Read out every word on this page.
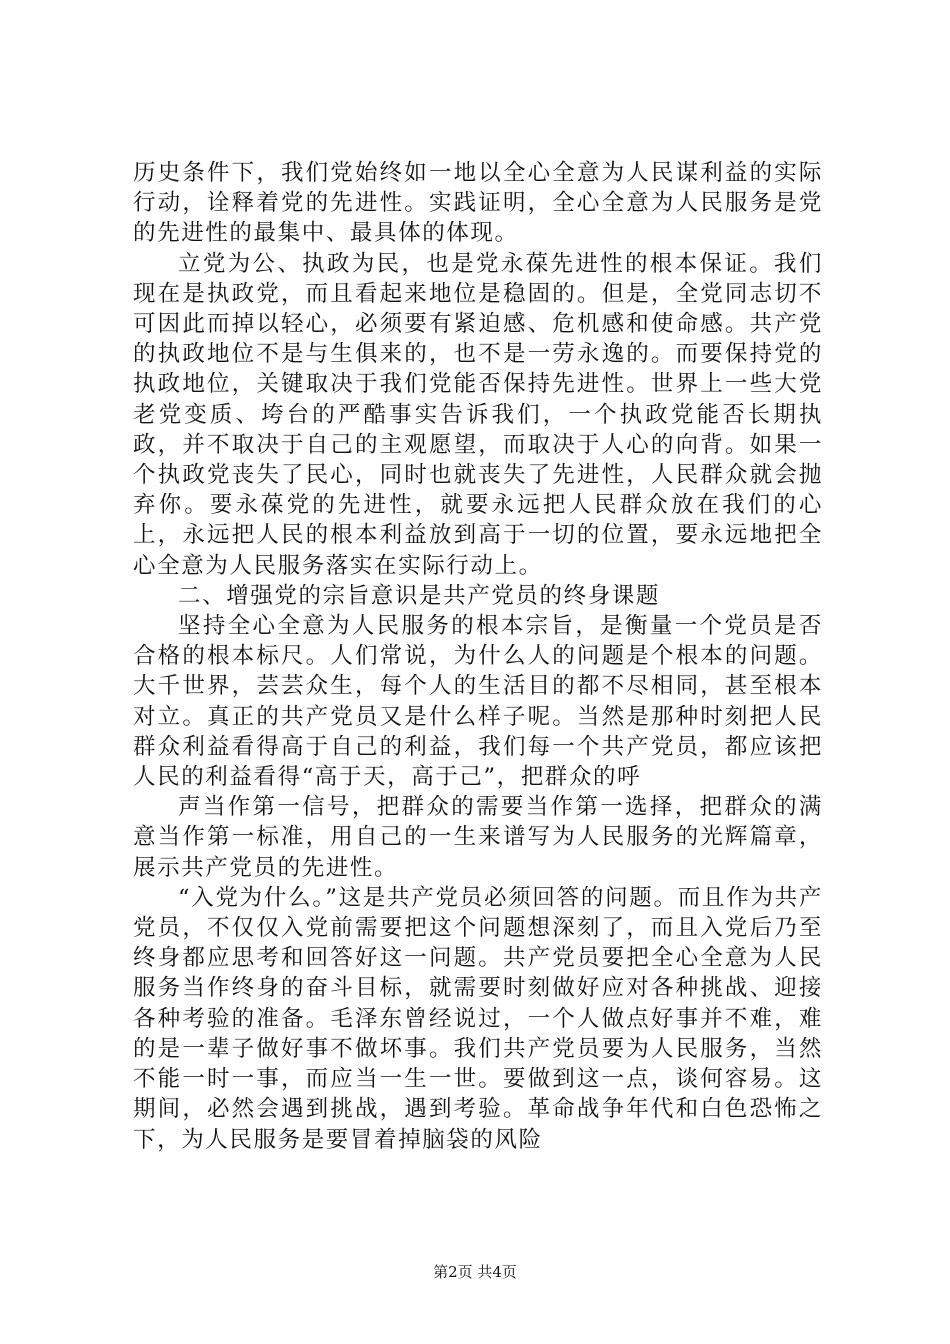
历史条件下，我们党始终如一地以全心全意为人民谋利益的实际行动，诠释着党的先进性。实践证明，全心全意为人民服务是党的先进性的最集中、最具体的体现。

立党为公、执政为民，也是党永葆先进性的根本保证。我们现在是执政党，而且看起来地位是稳固的。但是，全党同志切不可因此而掉以轻心，必须要有紧迫感、危机感和使命感。共产党的执政地位不是与生俱来的，也不是一劳永逸的。而要保持党的执政地位，关键取决于我们党能否保持先进性。世界上一些大党老党变质、垮台的严酷事实告诉我们，一个执政党能否长期执政，并不取决于自己的主观愿望，而取决于人心的向背。如果一个执政党丧失了民心，同时也就丧失了先进性，人民群众就会抛弃你。要永葆党的先进性，就要永远把人民群众放在我们的心上，永远把人民的根本利益放到高于一切的位置，要永远地把全心全意为人民服务落实在实际行动上。

二、增强党的宗旨意识是共产党员的终身课题

坚持全心全意为人民服务的根本宗旨，是衡量一个党员是否合格的根本标尺。人们常说，为什么人的问题是个根本的问题。大千世界，芸芸众生，每个人的生活目的都不尽相同，甚至根本对立。真正的共产党员又是什么样子呢。当然是那种时刻把人民群众利益看得高于自己的利益，我们每一个共产党员，都应该把人民的利益看得“高于天，高于己”，把群众的呼

声当作第一信号，把群众的需要当作第一选择，把群众的满意当作第一标准，用自己的一生来谱写为人民服务的光辉篇章，展示共产党员的先进性。

“入党为什么。”这是共产党员必须回答的问题。而且作为共产党员，不仅仅入党前需要把这个问题想深刻了，而且入党后乃至终身都应思考和回答好这一问题。共产党员要把全心全意为人民服务当作终身的奋斗目标，就需要时刻做好应对各种挑战、迎接各种考验的准备。毛泽东曾经说过，一个人做点好事并不难，难的是一辈子做好事不做坏事。我们共产党员要为人民服务，当然不能一时一事，而应当一生一世。要做到这一点，谈何容易。这期间，必然会遇到挑战，遇到考验。革命战争年代和白色恐怖之下，为人民服务是要冒着掉脑袋的风险

第2页 共4页
